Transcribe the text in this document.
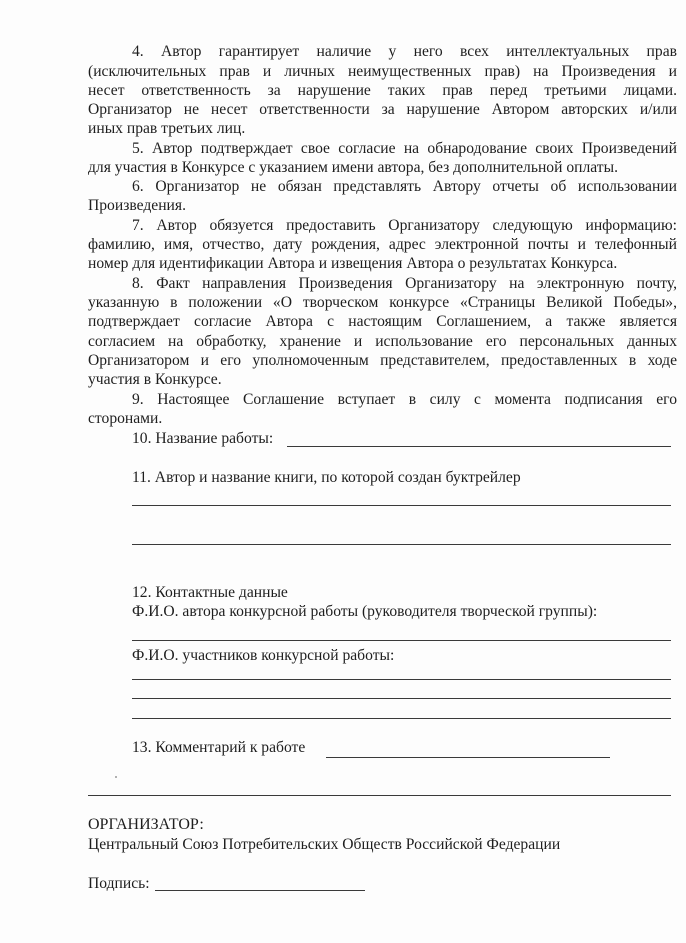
4. Автор гарантирует наличие у него всех интеллектуальных прав
(исключительных прав и личных неимущественных прав) на Произведения и
несет ответственность за нарушение таких прав перед третьими лицами.
Организатор не несет ответственности за нарушение Автором авторских и/или
иных прав третьих лиц.
5. Автор подтверждает свое согласие на обнародование своих Произведений
для участия в Конкурсе с указанием имени автора, без дополнительной оплаты.
6. Организатор не обязан представлять Автору отчеты об использовании
Произведения.
7. Автор обязуется предоставить Организатору следующую информацию:
фамилию, имя, отчество, дату рождения, адрес электронной почты и телефонный
номер для идентификации Автора и извещения Автора о результатах Конкурса.
8. Факт направления Произведения Организатору на электронную почту,
указанную в положении «О творческом конкурсе «Страницы Великой Победы»,
подтверждает согласие Автора с настоящим Соглашением, а также является
согласием на обработку, хранение и использование его персональных данных
Организатором и его уполномоченным представителем, предоставленных в ходе
участия в Конкурсе.
9. Настоящее Соглашение вступает в силу с момента подписания его
сторонами.
10. Название работы:
11. Автор и название книги, по которой создан буктрейлер
12. Контактные данные
Ф.И.О. автора конкурсной работы (руководителя творческой группы):
Ф.И.О. участников конкурсной работы:
13. Комментарий к работе
ОРГАНИЗАТОР:
Центральный Союз Потребительских Обществ Российской Федерации
Подпись:
